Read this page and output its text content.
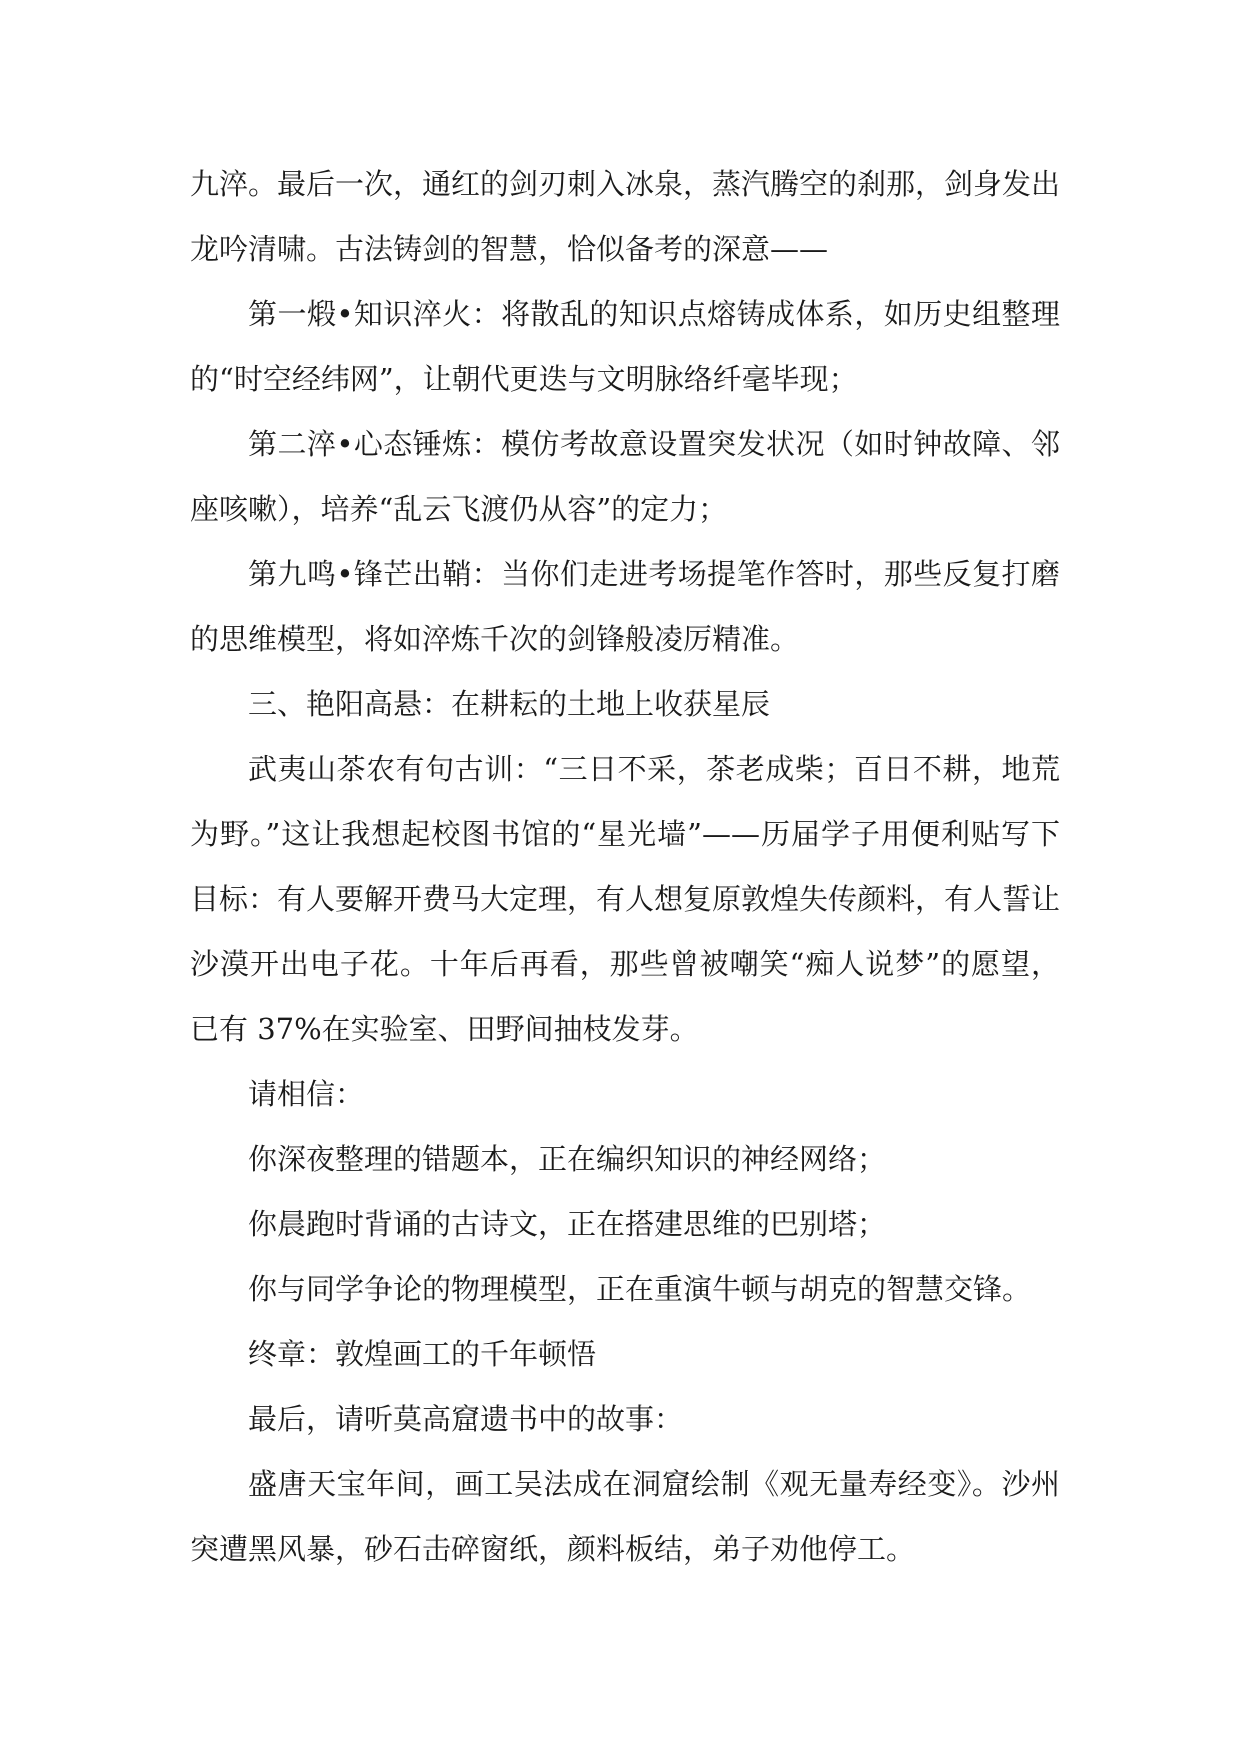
九淬。最后一次，通红的剑刃刺入冰泉，蒸汽腾空的刹那，剑身发出龙吟清啸。古法铸剑的智慧，恰似备考的深意——

第一煅•知识淬火：将散乱的知识点熔铸成体系，如历史组整理的“时空经纬网”，让朝代更迭与文明脉络纤毫毕现；

第二淬•心态锤炼：模仿考故意设置突发状况（如时钟故障、邻座咳嗽），培养“乱云飞渡仍从容”的定力；

第九鸣•锋芒出鞘：当你们走进考场提笔作答时，那些反复打磨的思维模型，将如淬炼千次的剑锋般凌厉精准。

三、艳阳高悬：在耕耘的土地上收获星辰

武夷山茶农有句古训：“三日不采，茶老成柴；百日不耕，地荒为野。”这让我想起校图书馆的“星光墙”——历届学子用便利贴写下目标：有人要解开费马大定理，有人想复原敦煌失传颜料，有人誓让沙漠开出电子花。十年后再看，那些曾被嘲笑“痴人说梦”的愿望，已有 37%在实验室、田野间抽枝发芽。

请相信：

你深夜整理的错题本，正在编织知识的神经网络；

你晨跑时背诵的古诗文，正在搭建思维的巴别塔；

你与同学争论的物理模型，正在重演牛顿与胡克的智慧交锋。

终章：敦煌画工的千年顿悟

最后，请听莫高窟遗书中的故事：

盛唐天宝年间，画工吴法成在洞窟绘制《观无量寿经变》。沙州突遭黑风暴，砂石击碎窗纸，颜料板结，弟子劝他停工。
